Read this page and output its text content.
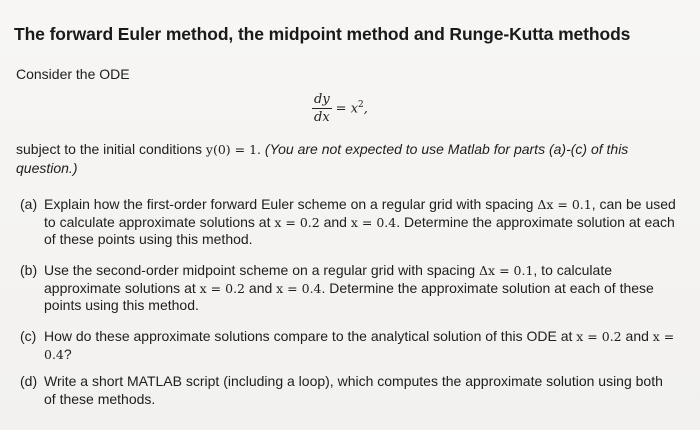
The forward Euler method, the midpoint method and Runge-Kutta methods
Consider the ODE
$\frac{dy}{dx} = x^2$,
subject to the initial conditions y(0) = 1. (You are not expected to use Matlab for parts (a)-(c) of this question.)
(a) Explain how the first-order forward Euler scheme on a regular grid with spacing Δx = 0.1, can be used to calculate approximate solutions at x = 0.2 and x = 0.4. Determine the approximate solution at each of these points using this method.
(b) Use the second-order midpoint scheme on a regular grid with spacing Δx = 0.1, to calculate approximate solutions at x = 0.2 and x = 0.4. Determine the approximate solution at each of these points using this method.
(c) How do these approximate solutions compare to the analytical solution of this ODE at x = 0.2 and x = 0.4?
(d) Write a short MATLAB script (including a loop), which computes the approximate solution using both of these methods.
